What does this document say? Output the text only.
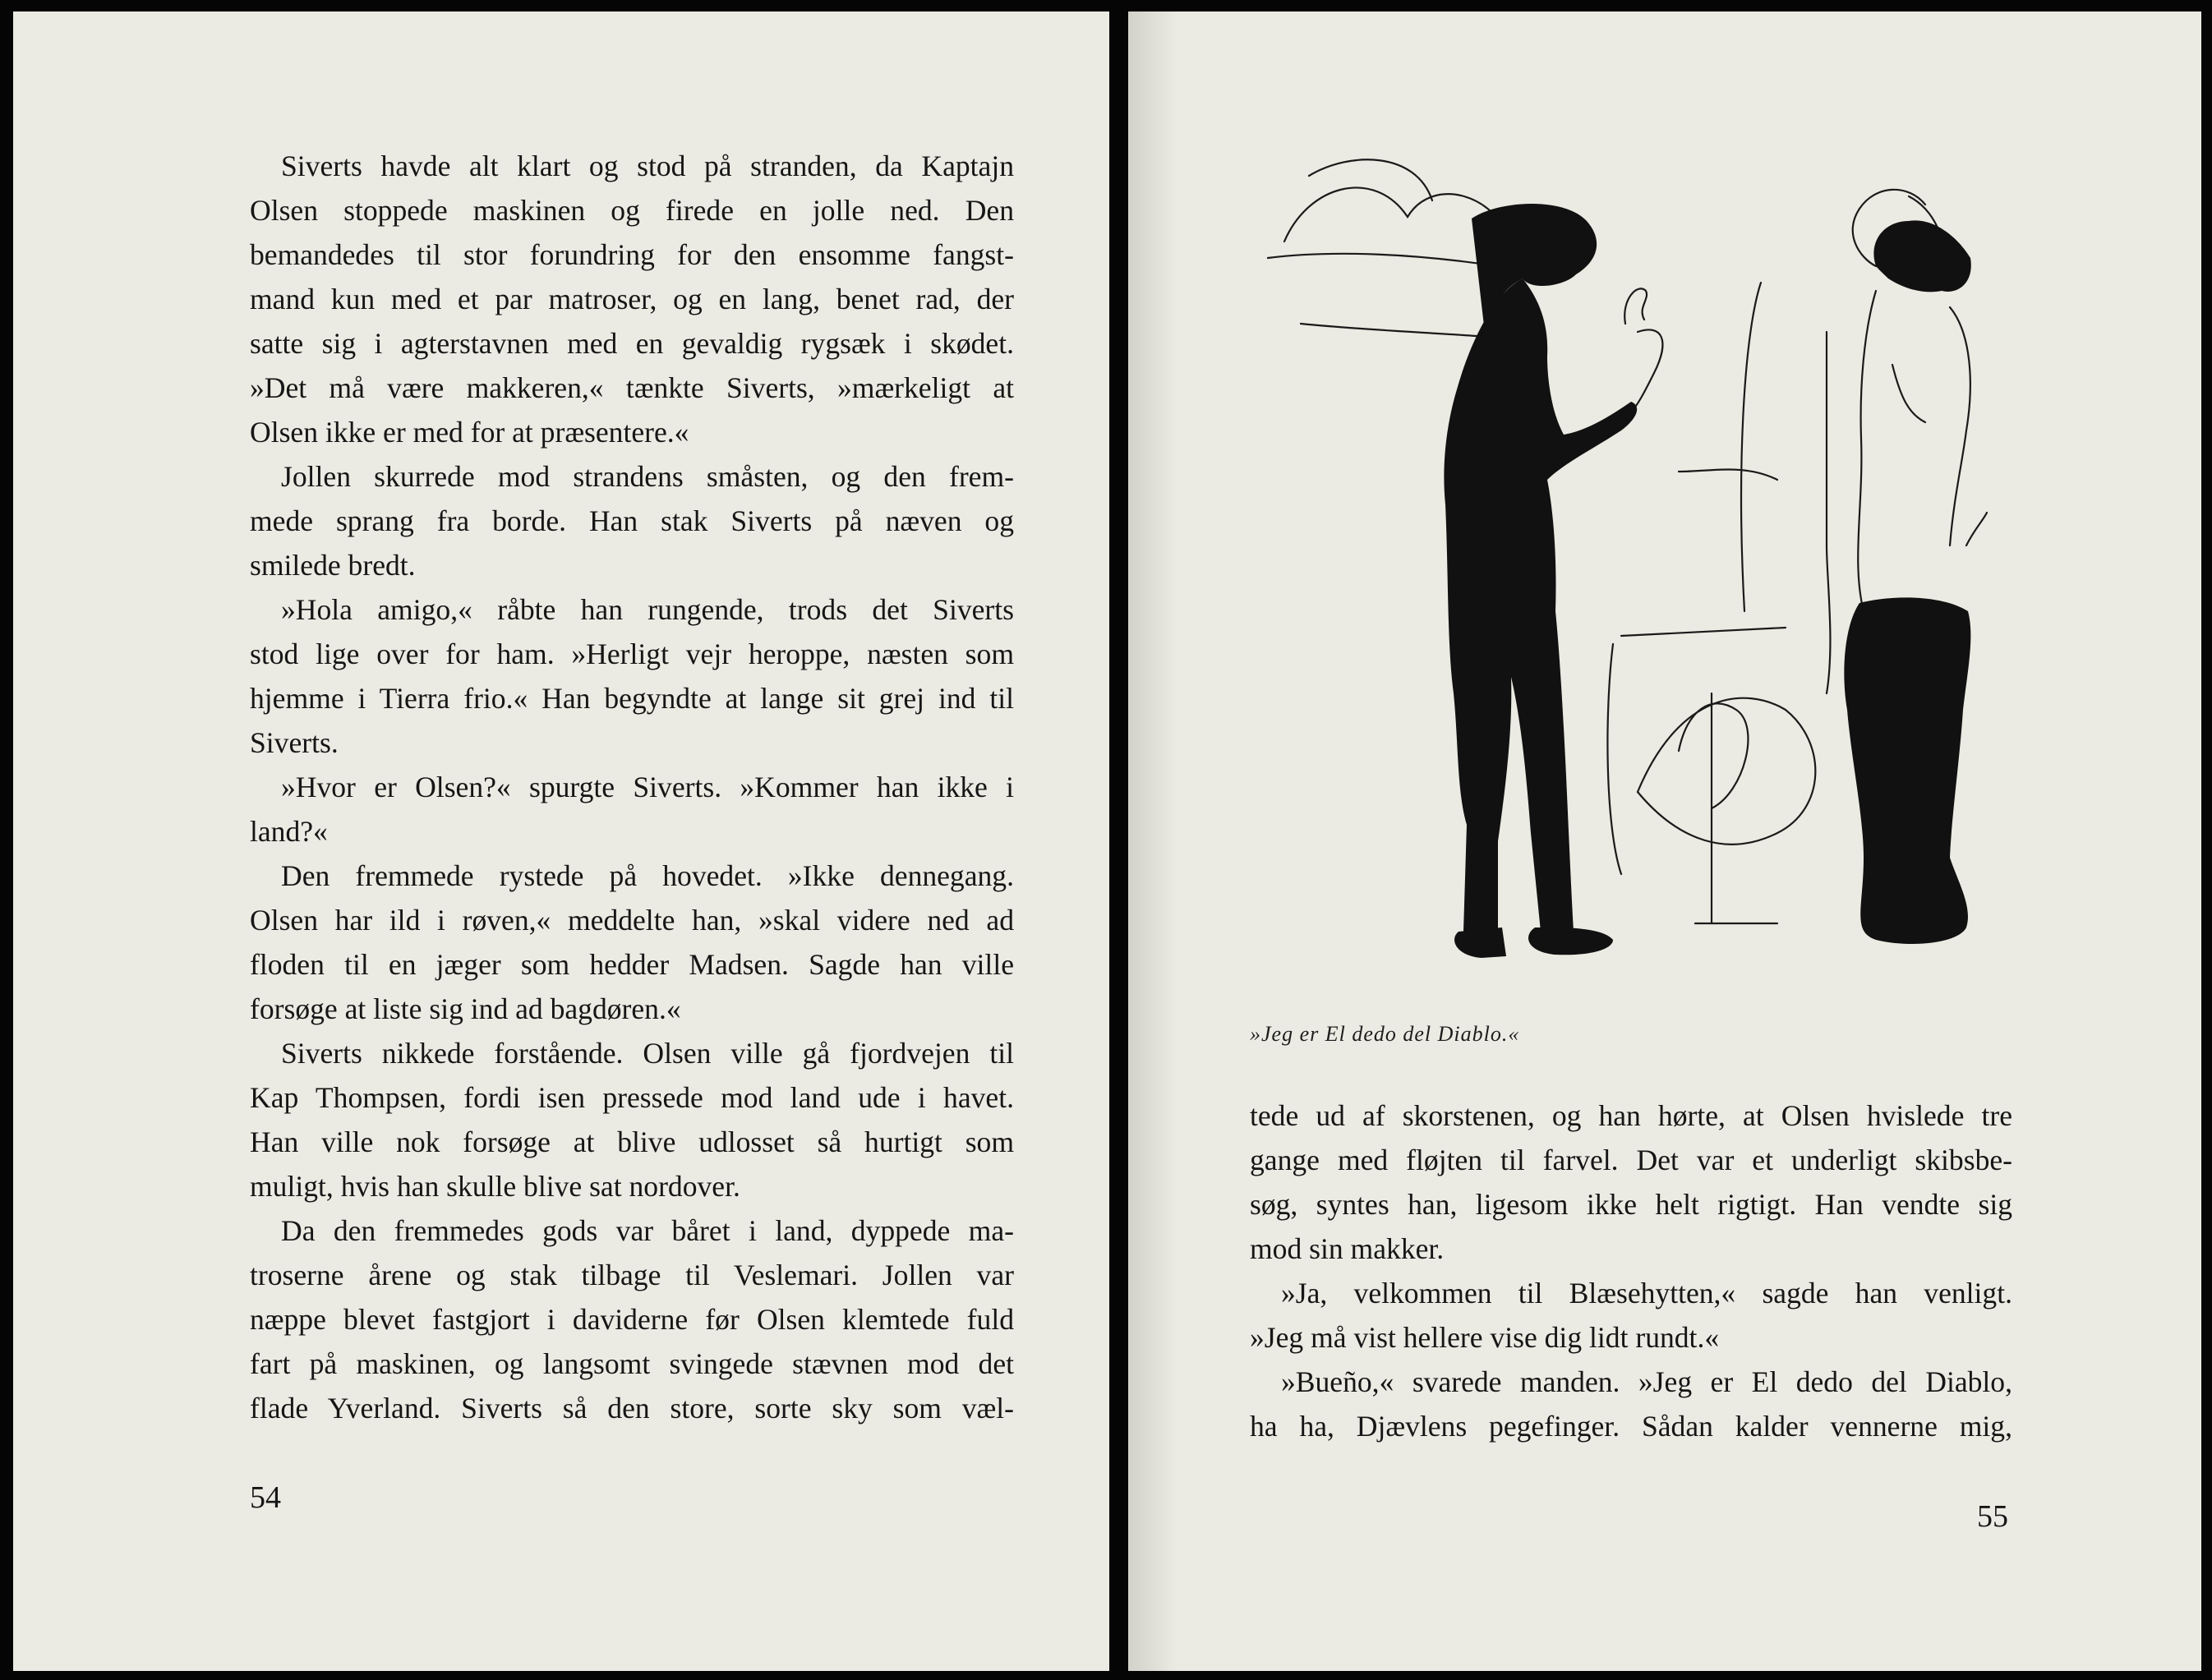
Siverts havde alt klart og stod på stranden, da Kaptajn
Olsen stoppede maskinen og firede en jolle ned. Den
bemandedes til stor forundring for den ensomme fangst-
mand kun med et par matroser, og en lang, benet rad, der
satte sig i agterstavnen med en gevaldig rygsæk i skødet.
»Det må være makkeren,« tænkte Siverts, »mærkeligt at
Olsen ikke er med for at præsentere.«
Jollen skurrede mod strandens småsten, og den frem-
mede sprang fra borde. Han stak Siverts på næven og
smilede bredt.
»Hola amigo,« råbte han rungende, trods det Siverts
stod lige over for ham. »Herligt vejr heroppe, næsten som
hjemme i Tierra frio.« Han begyndte at lange sit grej ind til
Siverts.
»Hvor er Olsen?« spurgte Siverts. »Kommer han ikke i
land?«
Den fremmede rystede på hovedet. »Ikke dennegang.
Olsen har ild i røven,« meddelte han, »skal videre ned ad
floden til en jæger som hedder Madsen. Sagde han ville
forsøge at liste sig ind ad bagdøren.«
Siverts nikkede forstående. Olsen ville gå fjordvejen til
Kap Thompsen, fordi isen pressede mod land ude i havet.
Han ville nok forsøge at blive udlosset så hurtigt som
muligt, hvis han skulle blive sat nordover.
Da den fremmedes gods var båret i land, dyppede ma-
troserne årene og stak tilbage til Veslemari. Jollen var
næppe blevet fastgjort i daviderne før Olsen klemtede fuld
fart på maskinen, og langsomt svingede stævnen mod det
flade Yverland. Siverts så den store, sorte sky som væl-
54
»Jeg er El dedo del Diablo.«
tede ud af skorstenen, og han hørte, at Olsen hvislede tre
gange med fløjten til farvel. Det var et underligt skibsbe-
søg, syntes han, ligesom ikke helt rigtigt. Han vendte sig
mod sin makker.
»Ja, velkommen til Blæsehytten,« sagde han venligt.
»Jeg må vist hellere vise dig lidt rundt.«
»Bueño,« svarede manden. »Jeg er El dedo del Diablo,
ha ha, Djævlens pegefinger. Sådan kalder vennerne mig,
55
